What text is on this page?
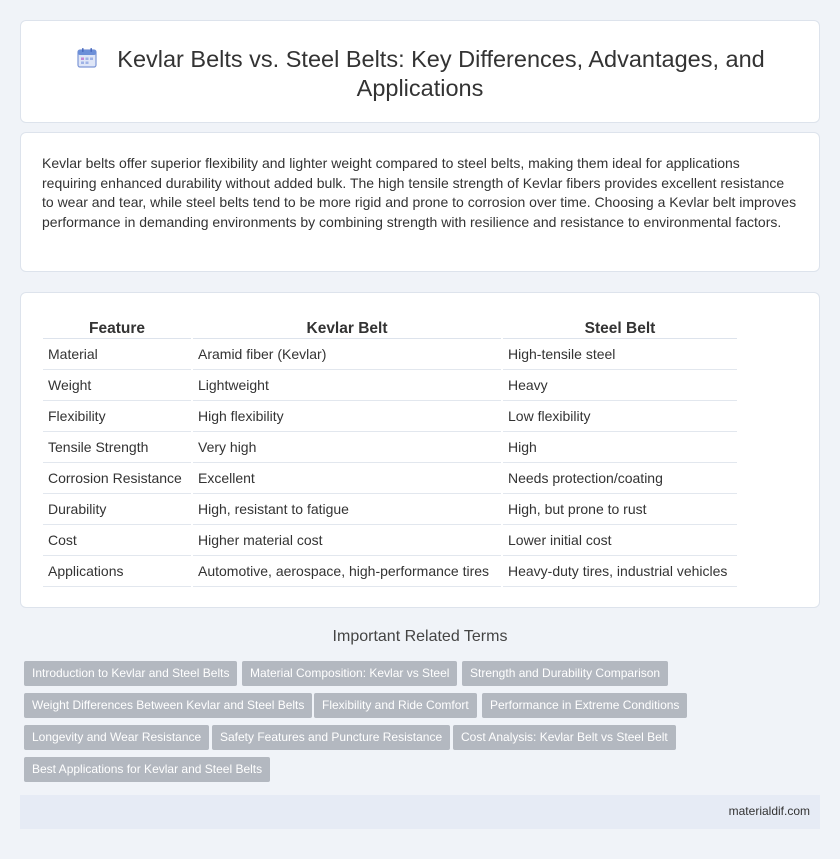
Kevlar Belts vs. Steel Belts: Key Differences, Advantages, and Applications

Kevlar belts offer superior flexibility and lighter weight compared to steel belts, making them ideal for applications requiring enhanced durability without added bulk. The high tensile strength of Kevlar fibers provides excellent resistance to wear and tear, while steel belts tend to be more rigid and prone to corrosion over time. Choosing a Kevlar belt improves performance in demanding environments by combining strength with resilience and resistance to environmental factors.

Feature	Kevlar Belt	Steel Belt
Material	Aramid fiber (Kevlar)	High-tensile steel
Weight	Lightweight	Heavy
Flexibility	High flexibility	Low flexibility
Tensile Strength	Very high	High
Corrosion Resistance	Excellent	Needs protection/coating
Durability	High, resistant to fatigue	High, but prone to rust
Cost	Higher material cost	Lower initial cost
Applications	Automotive, aerospace, high-performance tires	Heavy-duty tires, industrial vehicles
Important Related Terms
Introduction to Kevlar and Steel Belts	Material Composition: Kevlar vs Steel	Strength and Durability Comparison
Weight Differences Between Kevlar and Steel Belts	Flexibility and Ride Comfort	Performance in Extreme Conditions
Longevity and Wear Resistance	Safety Features and Puncture Resistance	Cost Analysis: Kevlar Belt vs Steel Belt
Best Applications for Kevlar and Steel Belts
materialdif.com
